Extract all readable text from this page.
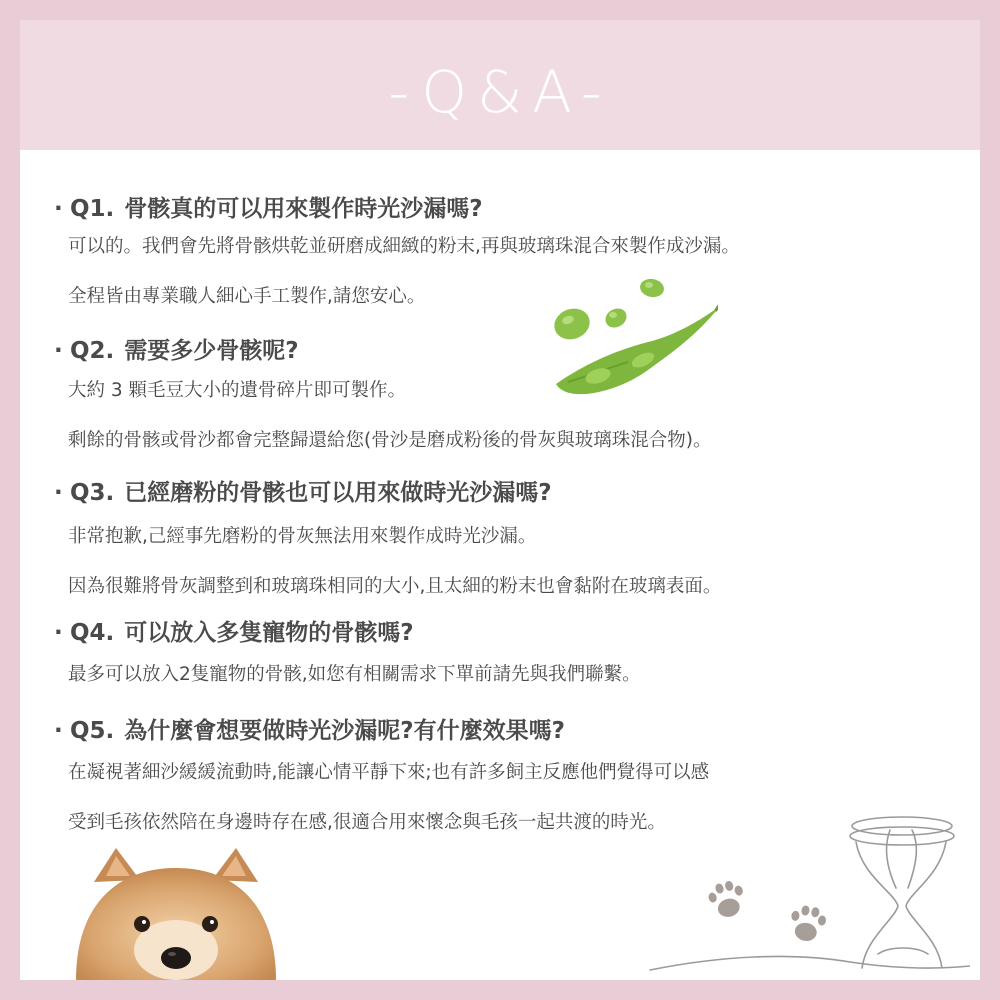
-Q&A-
· Q1. 骨骸真的可以用來製作時光沙漏嗎?
可以的。我們會先將骨骸烘乾並研磨成細緻的粉末,再與玻璃珠混合來製作成沙漏。
全程皆由專業職人細心手工製作,請您安心。
· Q2. 需要多少骨骸呢?
大約 3 顆毛豆大小的遺骨碎片即可製作。
剩餘的骨骸或骨沙都會完整歸還給您(骨沙是磨成粉後的骨灰與玻璃珠混合物)。
· Q3. 已經磨粉的骨骸也可以用來做時光沙漏嗎?
非常抱歉,己經事先磨粉的骨灰無法用來製作成時光沙漏。
因為很難將骨灰調整到和玻璃珠相同的大小,且太細的粉末也會黏附在玻璃表面。
· Q4. 可以放入多隻寵物的骨骸嗎?
最多可以放入2隻寵物的骨骸,如您有相關需求下單前請先與我們聯繫。
· Q5. 為什麼會想要做時光沙漏呢?有什麼效果嗎?
在凝視著細沙緩緩流動時,能讓心情平靜下來;也有許多飼主反應他們覺得可以感
受到毛孩依然陪在身邊時存在感,很適合用來懷念與毛孩一起共渡的時光。
